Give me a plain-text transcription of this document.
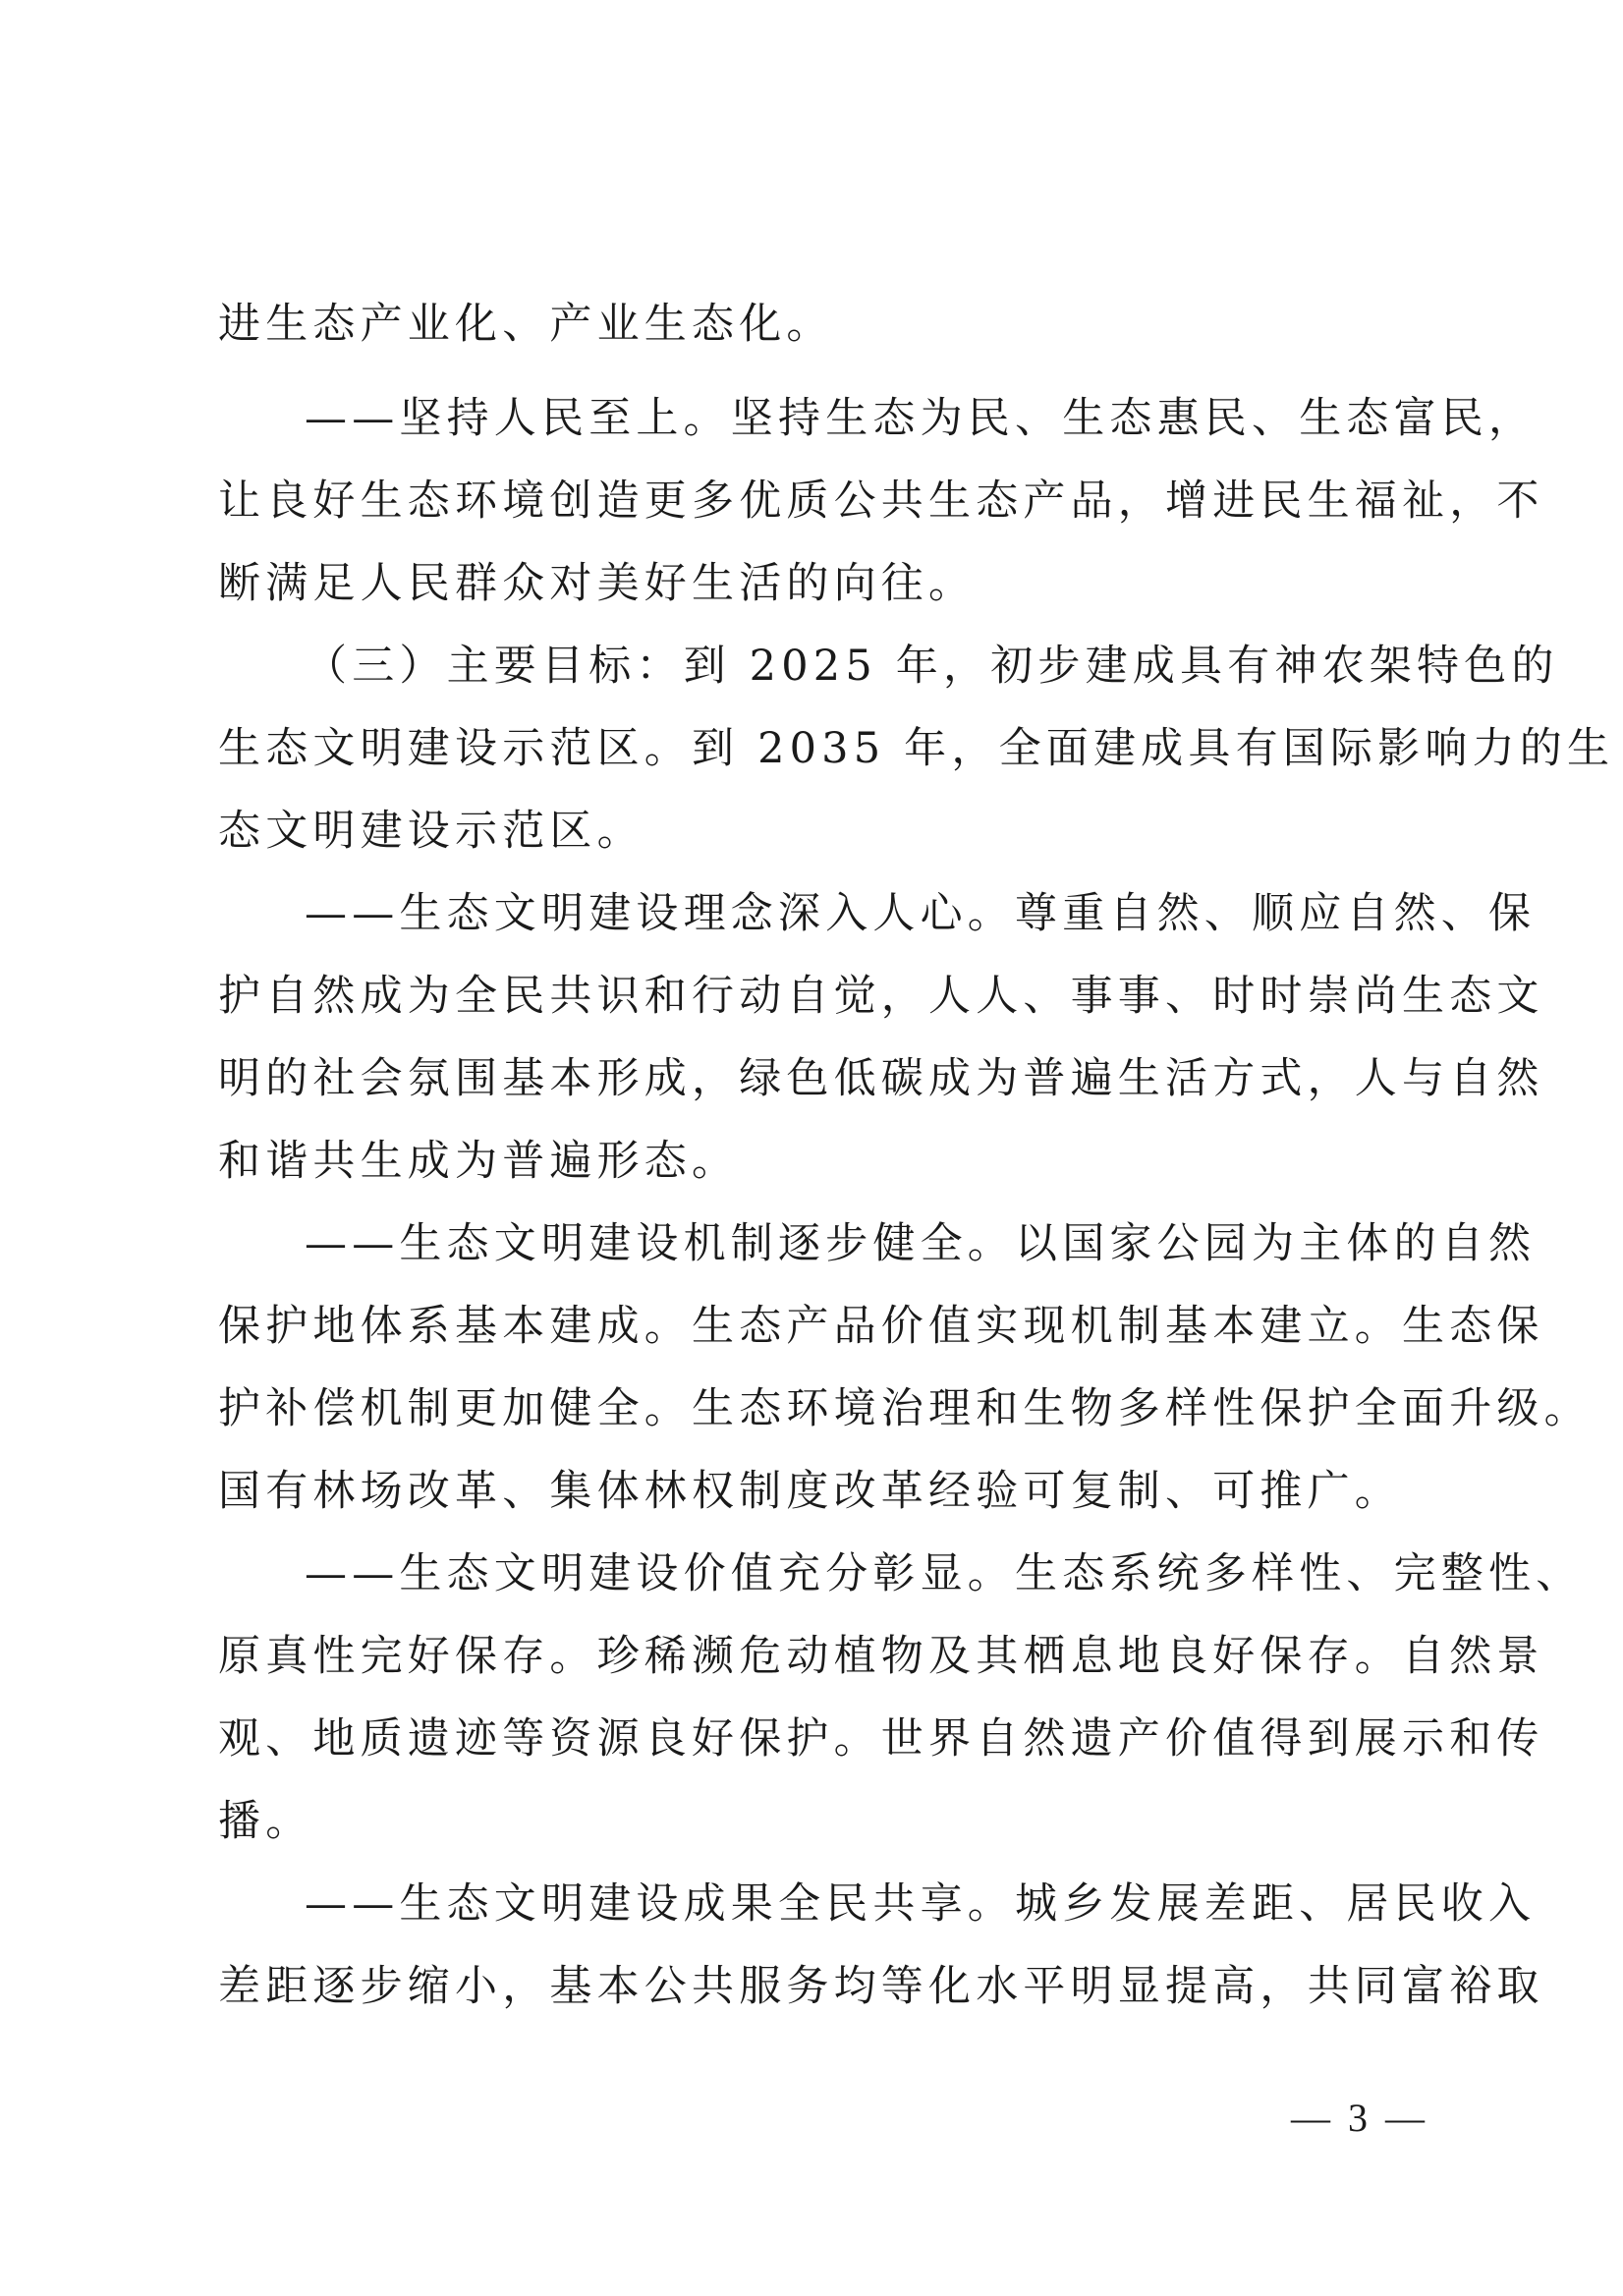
进生态产业化、产业生态化。
——坚持人民至上。坚持生态为民、生态惠民、生态富民，
让良好生态环境创造更多优质公共生态产品，增进民生福祉，不
断满足人民群众对美好生活的向往。
（三）主要目标：到 2025 年，初步建成具有神农架特色的
生态文明建设示范区。到 2035 年，全面建成具有国际影响力的生
态文明建设示范区。
——生态文明建设理念深入人心。尊重自然、顺应自然、保
护自然成为全民共识和行动自觉，人人、事事、时时崇尚生态文
明的社会氛围基本形成，绿色低碳成为普遍生活方式，人与自然
和谐共生成为普遍形态。
——生态文明建设机制逐步健全。以国家公园为主体的自然
保护地体系基本建成。生态产品价值实现机制基本建立。生态保
护补偿机制更加健全。生态环境治理和生物多样性保护全面升级。
国有林场改革、集体林权制度改革经验可复制、可推广。
——生态文明建设价值充分彰显。生态系统多样性、完整性、
原真性完好保存。珍稀濒危动植物及其栖息地良好保存。自然景
观、地质遗迹等资源良好保护。世界自然遗产价值得到展示和传
播。
——生态文明建设成果全民共享。城乡发展差距、居民收入
差距逐步缩小，基本公共服务均等化水平明显提高，共同富裕取
— 3 —
